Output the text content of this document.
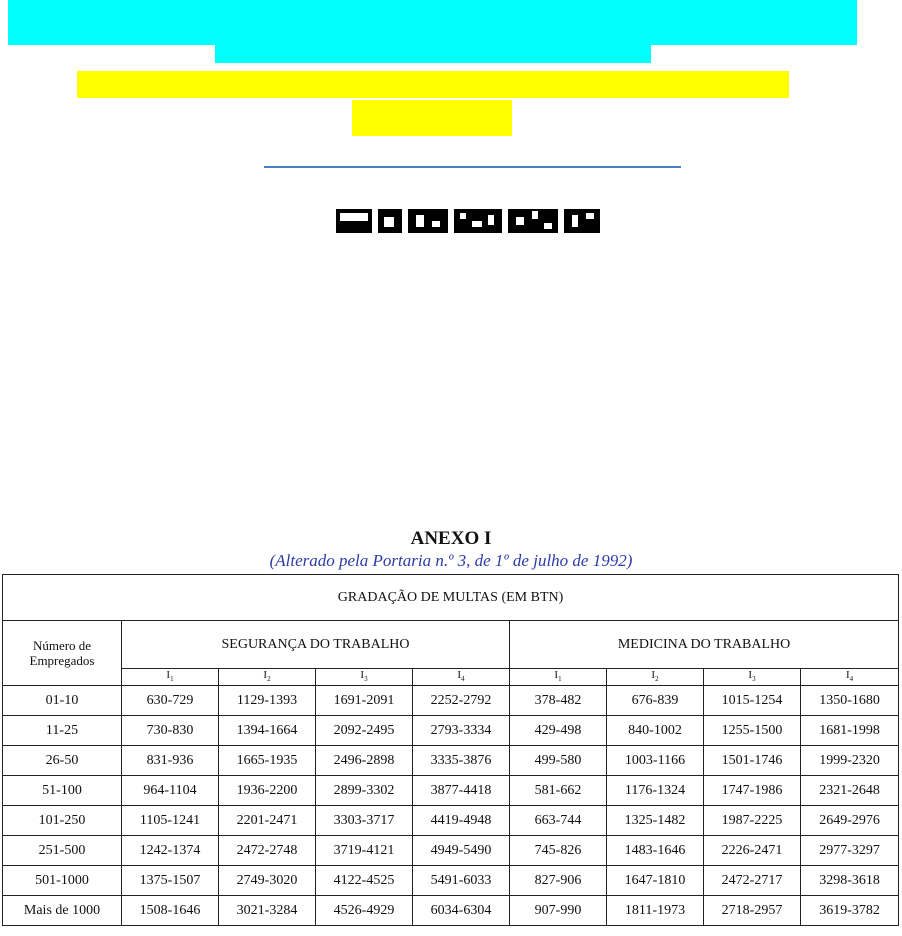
ANEXO I
(Alterado pela Portaria n.º 3, de 1º de julho de 1992)
GRADAÇÃO DE MULTAS (EM BTN)								
Número de Empregados	SEGURANÇA DO TRABALHO				MEDICINA DO TRABALHO			
	$I_1$	$I_2$	$I_3$	$I_4$	$I_1$	$I_2$	$I_3$	$I_4$
01-10	630-729	1129-1393	1691-2091	2252-2792	378-482	676-839	1015-1254	1350-1680
11-25	730-830	1394-1664	2092-2495	2793-3334	429-498	840-1002	1255-1500	1681-1998
26-50	831-936	1665-1935	2496-2898	3335-3876	499-580	1003-1166	1501-1746	1999-2320
51-100	964-1104	1936-2200	2899-3302	3877-4418	581-662	1176-1324	1747-1986	2321-2648
101-250	1105-1241	2201-2471	3303-3717	4419-4948	663-744	1325-1482	1987-2225	2649-2976
251-500	1242-1374	2472-2748	3719-4121	4949-5490	745-826	1483-1646	2226-2471	2977-3297
501-1000	1375-1507	2749-3020	4122-4525	5491-6033	827-906	1647-1810	2472-2717	3298-3618
Mais de 1000	1508-1646	3021-3284	4526-4929	6034-6304	907-990	1811-1973	2718-2957	3619-3782
